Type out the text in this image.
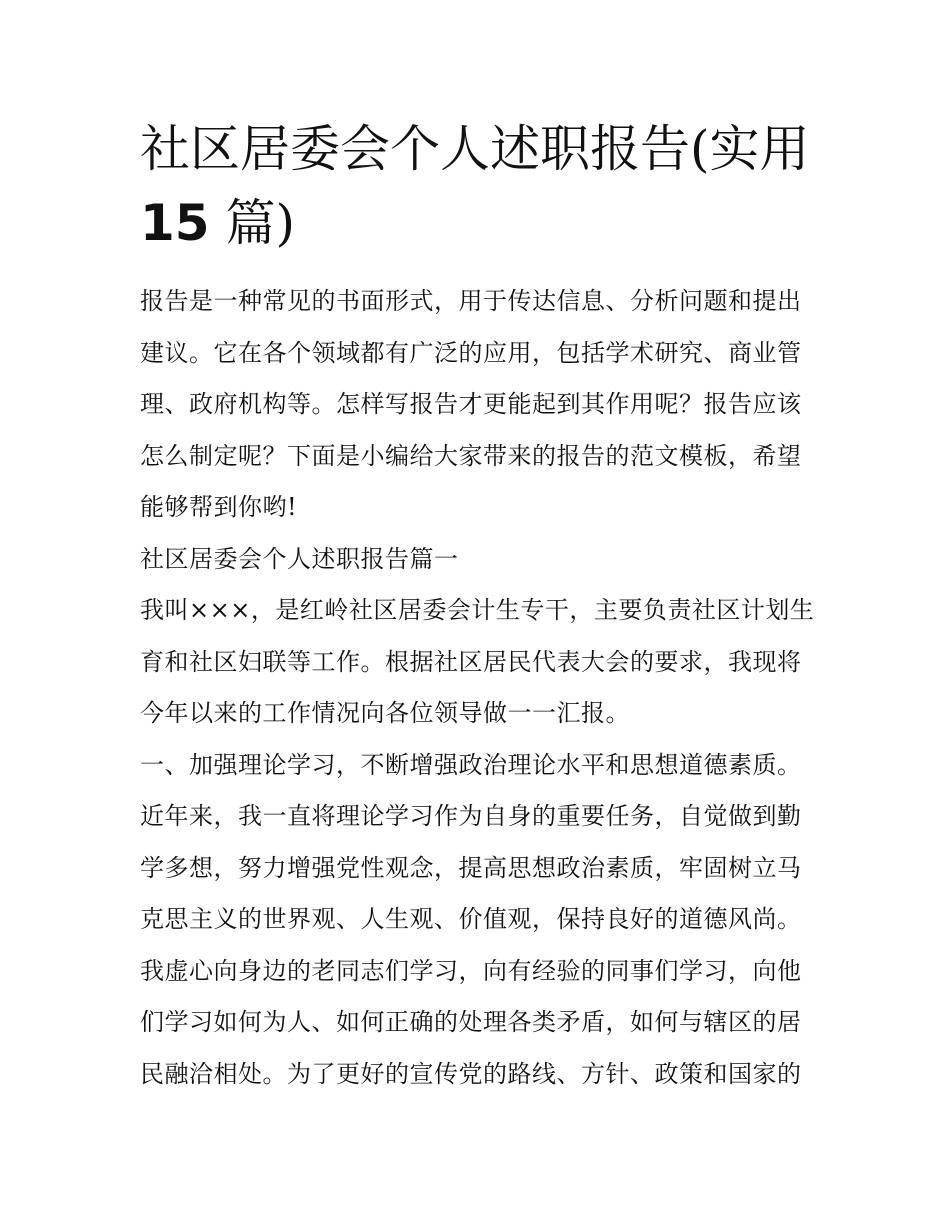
社区居委会个人述职报告(实用
15 篇)
报告是一种常见的书面形式，用于传达信息、分析问题和提出
建议。它在各个领域都有广泛的应用，包括学术研究、商业管
理、政府机构等。怎样写报告才更能起到其作用呢？报告应该
怎么制定呢？下面是小编给大家带来的报告的范文模板，希望
能够帮到你哟!
社区居委会个人述职报告篇一
我叫×××，是红岭社区居委会计生专干，主要负责社区计划生
育和社区妇联等工作。根据社区居民代表大会的要求，我现将
今年以来的工作情况向各位领导做一一汇报。
一、加强理论学习，不断增强政治理论水平和思想道德素质。
近年来，我一直将理论学习作为自身的重要任务，自觉做到勤
学多想，努力增强党性观念，提高思想政治素质，牢固树立马
克思主义的世界观、人生观、价值观，保持良好的道德风尚。
我虚心向身边的老同志们学习，向有经验的同事们学习，向他
们学习如何为人、如何正确的处理各类矛盾，如何与辖区的居
民融洽相处。为了更好的宣传党的路线、方针、政策和国家的
